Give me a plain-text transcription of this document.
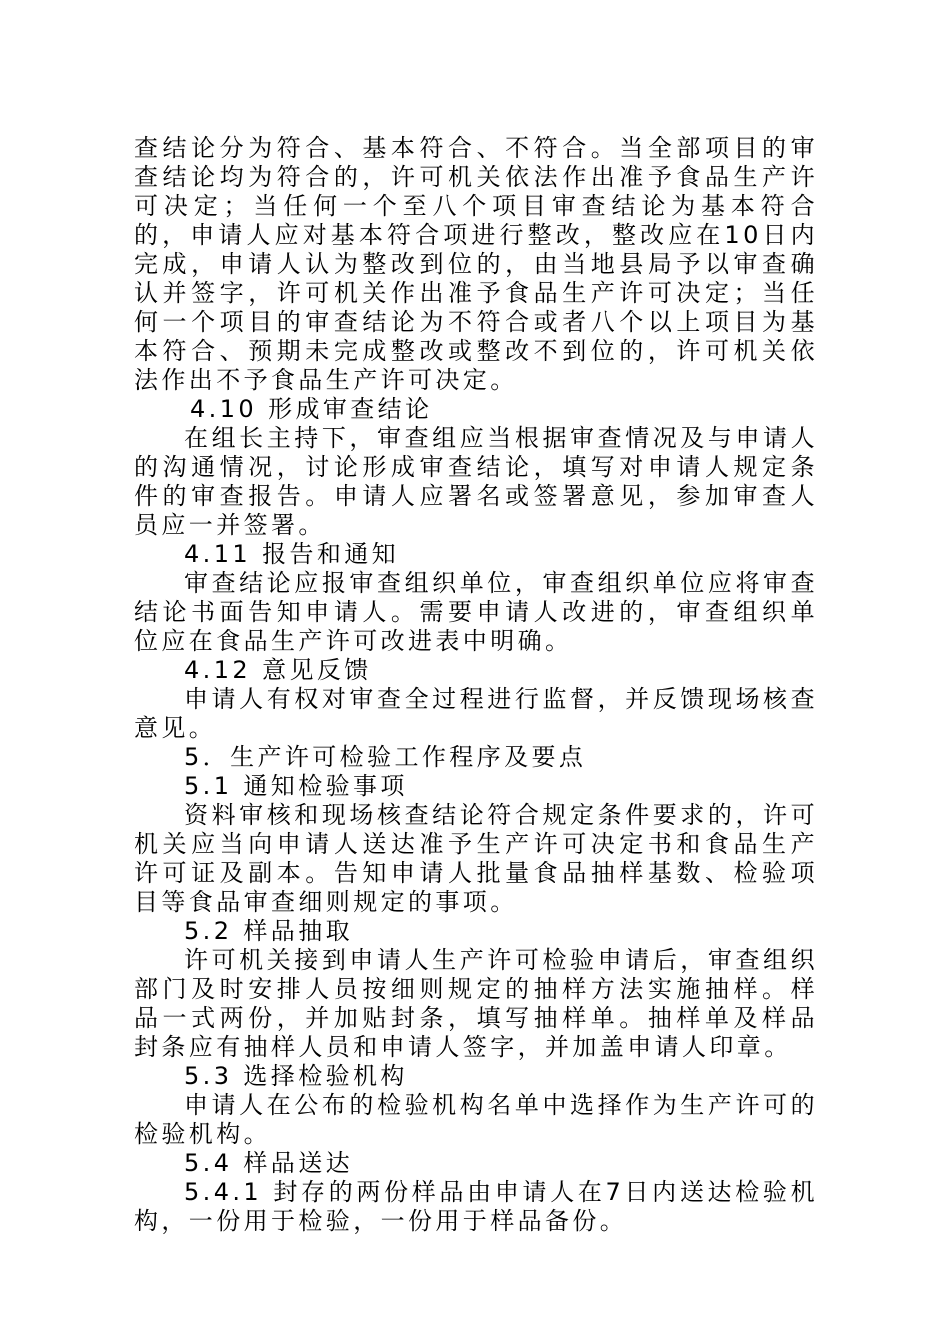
查结论分为符合、基本符合、不符合。当全部项目的审查结论均为符合的，许可机关依法作出准予食品生产许可决定；当任何一个至八个项目审查结论为基本符合的，申请人应对基本符合项进行整改，整改应在10日内完成，申请人认为整改到位的，由当地县局予以审查确认并签字，许可机关作出准予食品生产许可决定；当任何一个项目的审查结论为不符合或者八个以上项目为基本符合、预期未完成整改或整改不到位的，许可机关依法作出不予食品生产许可决定。

4.10 形成审查结论

在组长主持下，审查组应当根据审查情况及与申请人的沟通情况，讨论形成审查结论，填写对申请人规定条件的审查报告。申请人应署名或签署意见，参加审查人员应一并签署。

4.11 报告和通知

审查结论应报审查组织单位，审查组织单位应将审查结论书面告知申请人。需要申请人改进的，审查组织单位应在食品生产许可改进表中明确。

4.12 意见反馈

申请人有权对审查全过程进行监督，并反馈现场核查意见。

5．生产许可检验工作程序及要点

5.1 通知检验事项

资料审核和现场核查结论符合规定条件要求的，许可机关应当向申请人送达准予生产许可决定书和食品生产许可证及副本。告知申请人批量食品抽样基数、检验项目等食品审查细则规定的事项。

5.2 样品抽取

许可机关接到申请人生产许可检验申请后，审查组织部门及时安排人员按细则规定的抽样方法实施抽样。样品一式两份，并加贴封条，填写抽样单。抽样单及样品封条应有抽样人员和申请人签字，并加盖申请人印章。

5.3 选择检验机构

申请人在公布的检验机构名单中选择作为生产许可的检验机构。

5.4 样品送达

5.4.1 封存的两份样品由申请人在7日内送达检验机构，一份用于检验，一份用于样品备份。
